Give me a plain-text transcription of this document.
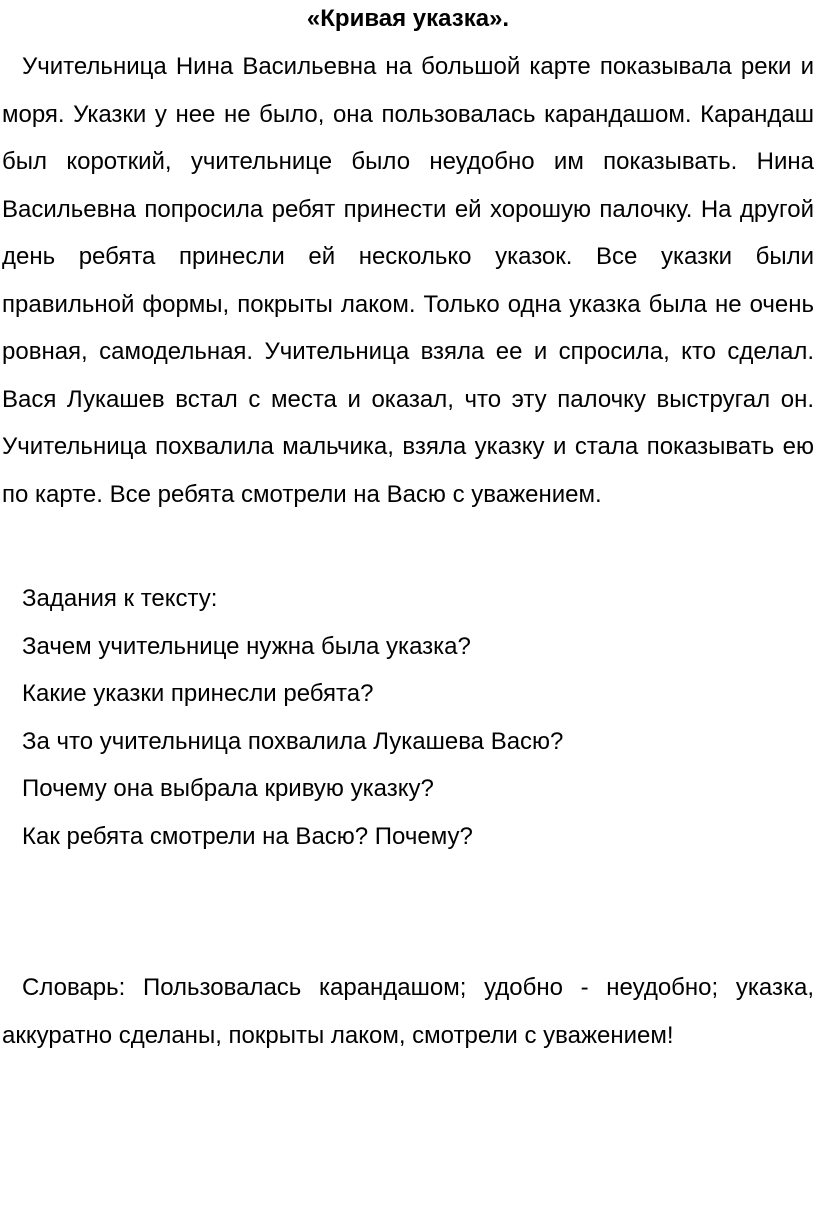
«Кривая указка».

Учительница Нина Васильевна на большой карте показывала реки и моря. Указки у нее не было, она пользовалась карандашом. Карандаш был короткий, учительнице было неудобно им показывать. Нина Васильевна попросила ребят принести ей хорошую палочку. На другой день ребята принесли ей несколько указок. Все указки были правильной формы, покрыты лаком. Только одна указка была не очень ровная, самодельная. Учительница взяла ее и спросила, кто сделал. Вася Лукашев встал с места и оказал, что эту палочку выстругал он. Учительница похвалила мальчика, взяла указку и стала показывать ею по карте. Все ребята смотрели на Васю с уважением.

Задания к тексту:
Зачем учительнице нужна была указка?
Какие указки принесли ребята?
За что учительница похвалила Лукашева Васю?
Почему она выбрала кривую указку?
Как ребята смотрели на Васю? Почему?

Словарь: Пользовалась карандашом; удобно - неудобно; указка, аккуратно сделаны, покрыты лаком, смотрели с уважением!
